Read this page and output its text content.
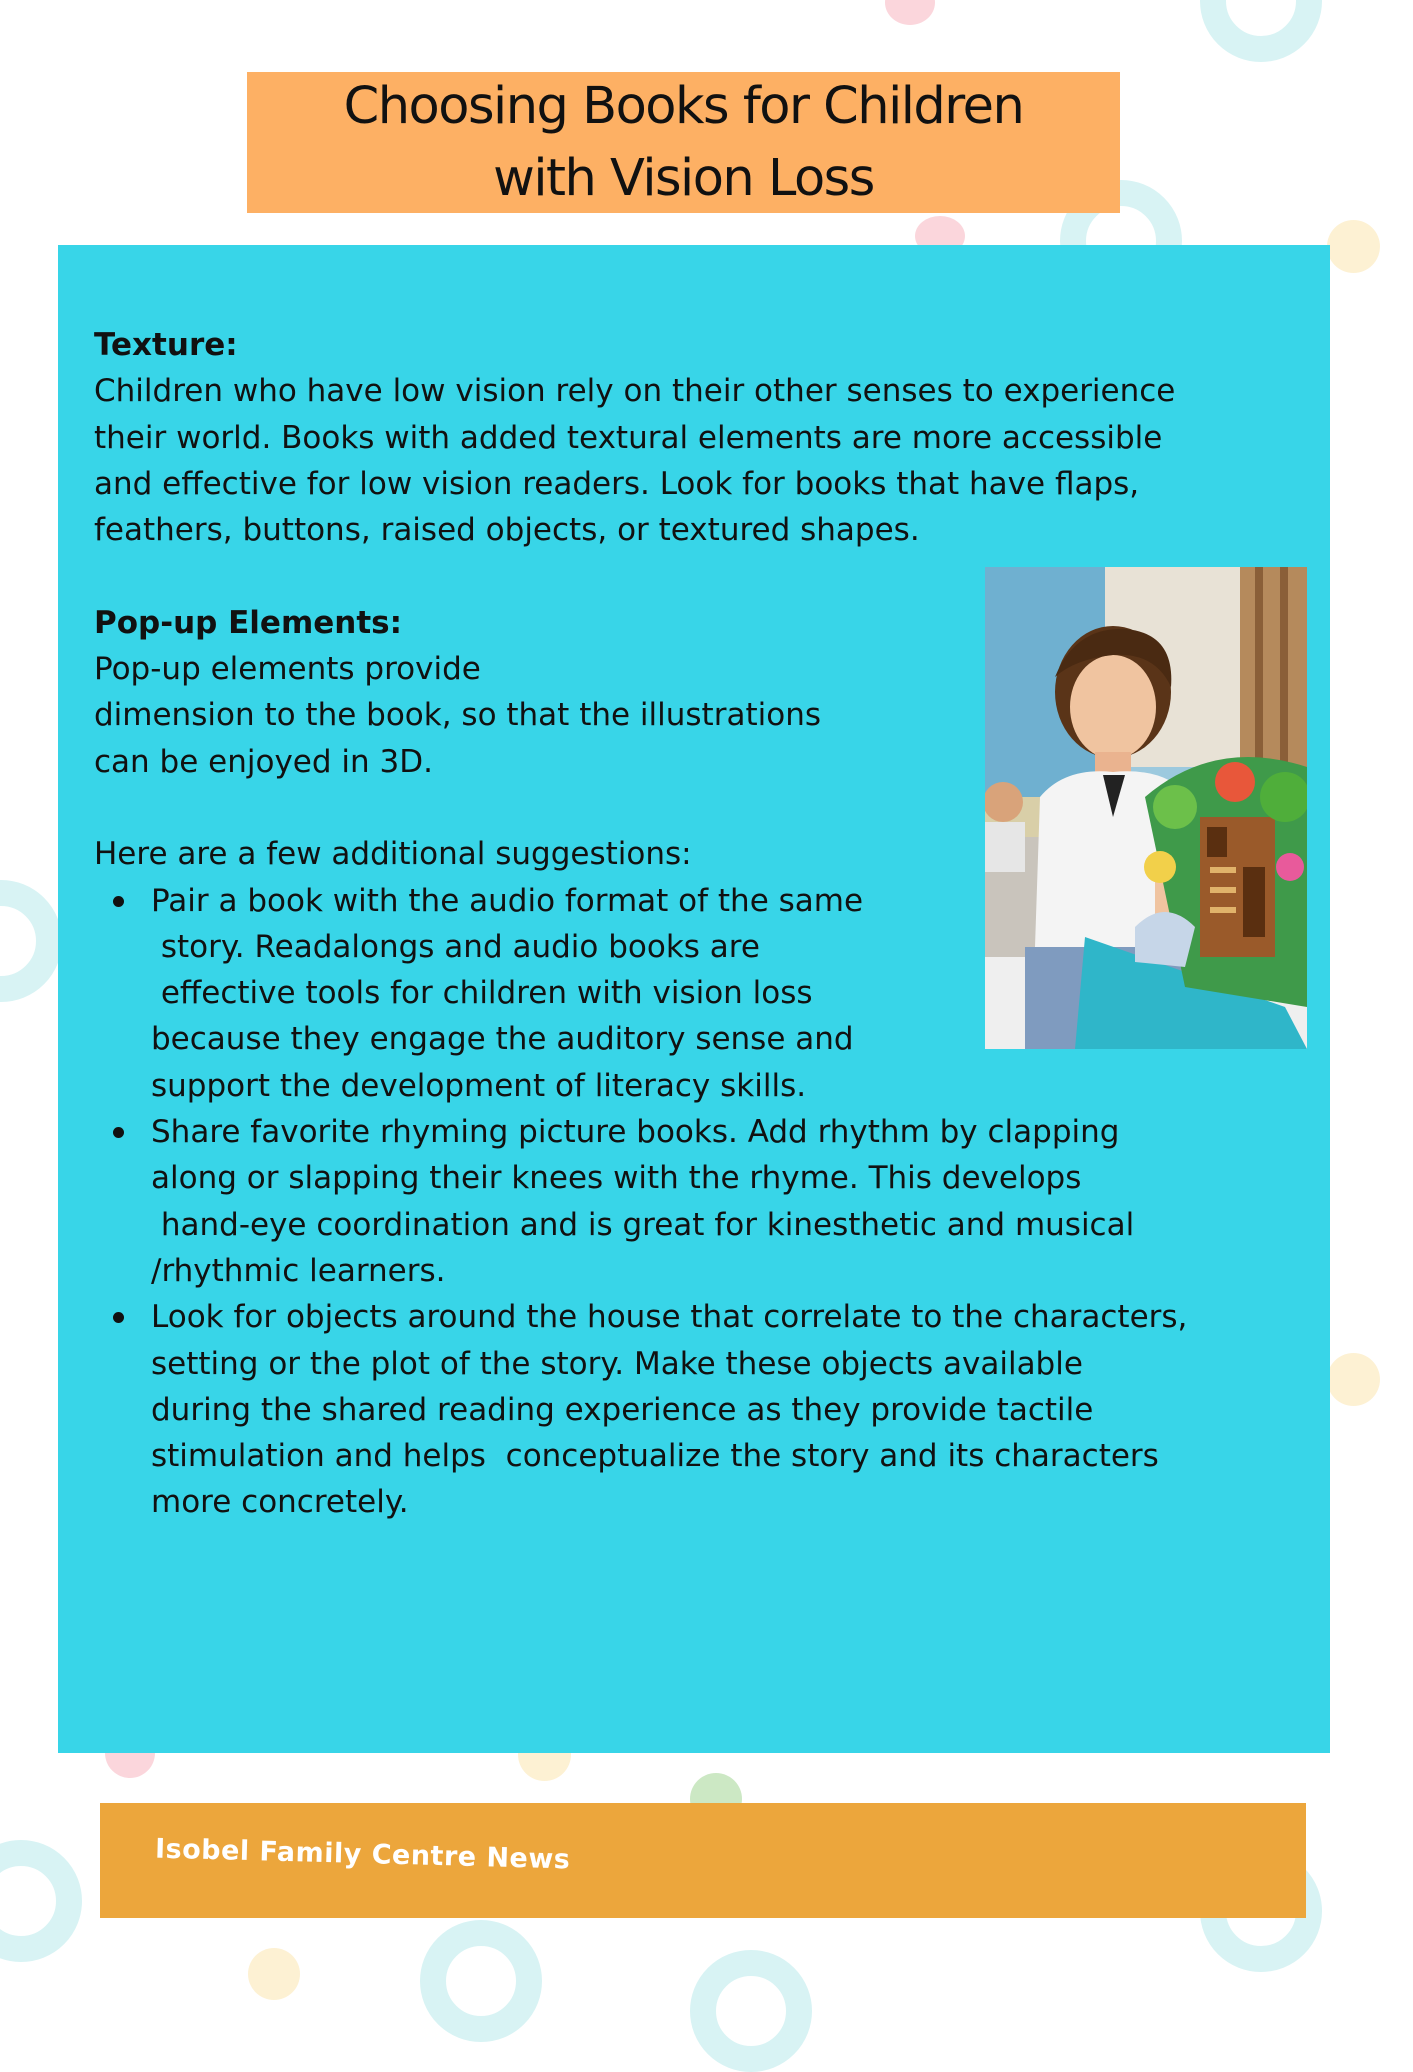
Choosing Books for Children
with Vision Loss

Texture:

Children who have low vision rely on their other senses to experience

their world. Books with added textural elements are more accessible

and effective for low vision readers. Look for books that have flaps,

feathers, buttons, raised objects, or textured shapes.

Pop-up Elements:

Pop-up elements provide

dimension to the book, so that the illustrations

can be enjoyed in 3D.

Here are a few additional suggestions:

Pair a book with the audio format of the same
story. Readalongs and audio books are
effective tools for children with vision loss
because they engage the auditory sense and
support the development of literacy skills.
Share favorite rhyming picture books. Add rhythm by clapping
along or slapping their knees with the rhyme. This develops
hand-eye coordination and is great for kinesthetic and musical
/rhythmic learners.
Look for objects around the house that correlate to the characters,
setting or the plot of the story. Make these objects available
during the shared reading experience as they provide tactile
stimulation and helps  conceptualize the story and its characters
more concretely.
Isobel Family Centre News
